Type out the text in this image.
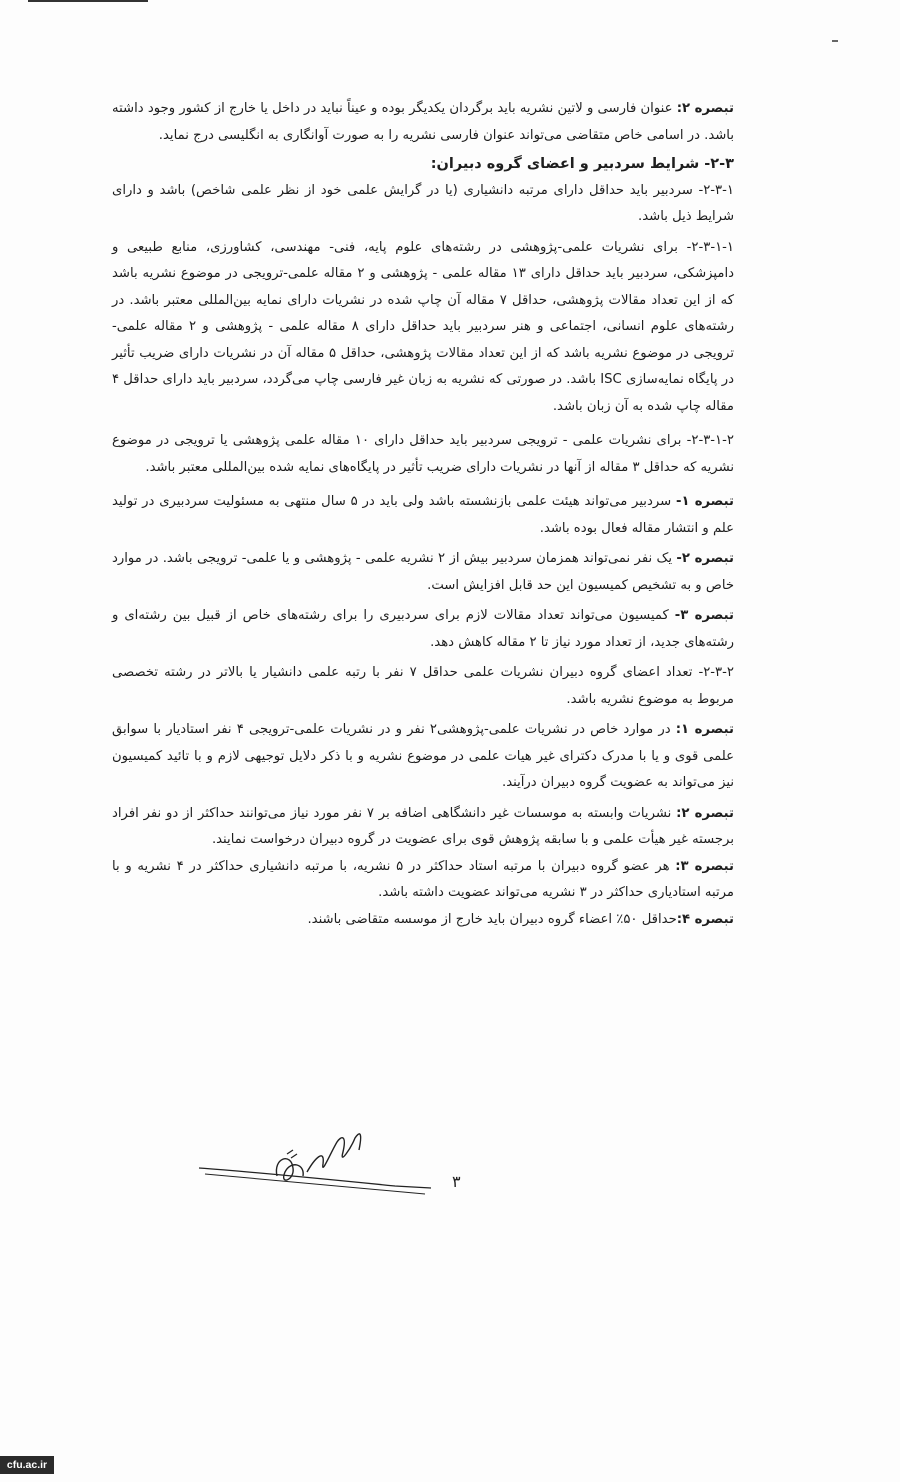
تبصره ۲: عنوان فارسی و لاتین نشریه باید برگردان یکدیگر بوده و عیناً نباید در داخل یا خارج از کشور وجود داشته باشد. در اسامی خاص متقاضی می‌تواند عنوان فارسی نشریه را به صورت آوانگاری به انگلیسی درج نماید.

۲-۳- شرایط سردبیر و اعضای گروه دبیران:

۲-۳-۱- سردبیر باید حداقل دارای مرتبه دانشیاری (یا در گرایش علمی خود از نظر علمی شاخص) باشد و دارای شرایط ذیل باشد.

۲-۳-۱-۱- برای نشریات علمی-پژوهشی در رشته‌های علوم پایه، فنی- مهندسی، کشاورزی، منابع طبیعی و دامپزشکی، سردبیر باید حداقل دارای ۱۳ مقاله علمی - پژوهشی و ۲ مقاله علمی-ترویجی در موضوع نشریه باشد که از این تعداد مقالات پژوهشی، حداقل ۷ مقاله آن چاپ شده در نشریات دارای نمایه بین‌المللی معتبر باشد. در رشته‌های علوم انسانی، اجتماعی و هنر سردبیر باید حداقل دارای ۸ مقاله علمی - پژوهشی و ۲ مقاله علمی-ترویجی در موضوع نشریه باشد که از این تعداد مقالات پژوهشی، حداقل ۵ مقاله آن در نشریات دارای ضریب تأثیر در پایگاه نمایه‌سازی ISC باشد. در صورتی که نشریه به زبان غیر فارسی چاپ می‌گردد، سردبیر باید دارای حداقل ۴ مقاله چاپ شده به آن زبان باشد.

۲-۳-۱-۲- برای نشریات علمی - ترویجی سردبیر باید حداقل دارای ۱۰ مقاله علمی پژوهشی یا ترویجی در موضوع نشریه که حداقل ۳ مقاله از آنها در نشریات دارای ضریب تأثیر در پایگاه‌های نمایه شده بین‌المللی معتبر باشد.

تبصره ۱- سردبیر می‌تواند هیئت علمی بازنشسته باشد ولی باید در ۵ سال منتهی به مسئولیت سردبیری در تولید علم و انتشار مقاله فعال بوده باشد.

تبصره ۲- یک نفر نمی‌تواند همزمان سردبیر بیش از ۲ نشریه علمی - پژوهشی و یا علمی- ترویجی باشد. در موارد خاص و به تشخیص کمیسیون این حد قابل افزایش است.

تبصره ۳- کمیسیون می‌تواند تعداد مقالات لازم برای سردبیری را برای رشته‌های خاص از قبیل بین رشته‌ای و رشته‌های جدید، از تعداد مورد نیاز تا ۲ مقاله کاهش دهد.

۲-۳-۲- تعداد اعضای گروه دبیران نشریات علمی حداقل ۷ نفر با رتبه علمی دانشیار یا بالاتر در رشته تخصصی مربوط به موضوع نشریه باشد.

تبصره ۱: در موارد خاص در نشریات علمی-پژوهشی۲ نفر و در نشریات علمی-ترویجی ۴ نفر استادیار با سوابق علمی قوی و یا با مدرک دکترای غیر هیات علمی در موضوع نشریه و با ذکر دلایل توجیهی لازم و با تائید کمیسیون نیز می‌تواند به عضویت گروه دبیران درآیند.

تبصره ۲: نشریات وابسته به موسسات غیر دانشگاهی اضافه بر ۷ نفر مورد نیاز می‌توانند حداکثر از دو نفر افراد برجسته غیر هیأت علمی و با سابقه پژوهش قوی برای عضویت در گروه دبیران درخواست نمایند.

تبصره ۳: هر عضو گروه دبیران با مرتبه استاد حداکثر در ۵ نشریه، با مرتبه دانشیاری حداکثر در ۴ نشریه و با مرتبه استادیاری حداکثر در ۳ نشریه می‌تواند عضویت داشته باشد.

تبصره ۴:حداقل ۵۰٪ اعضاء گروه دبیران باید خارج از موسسه متقاضی باشند.

۳
cfu.ac.ir
